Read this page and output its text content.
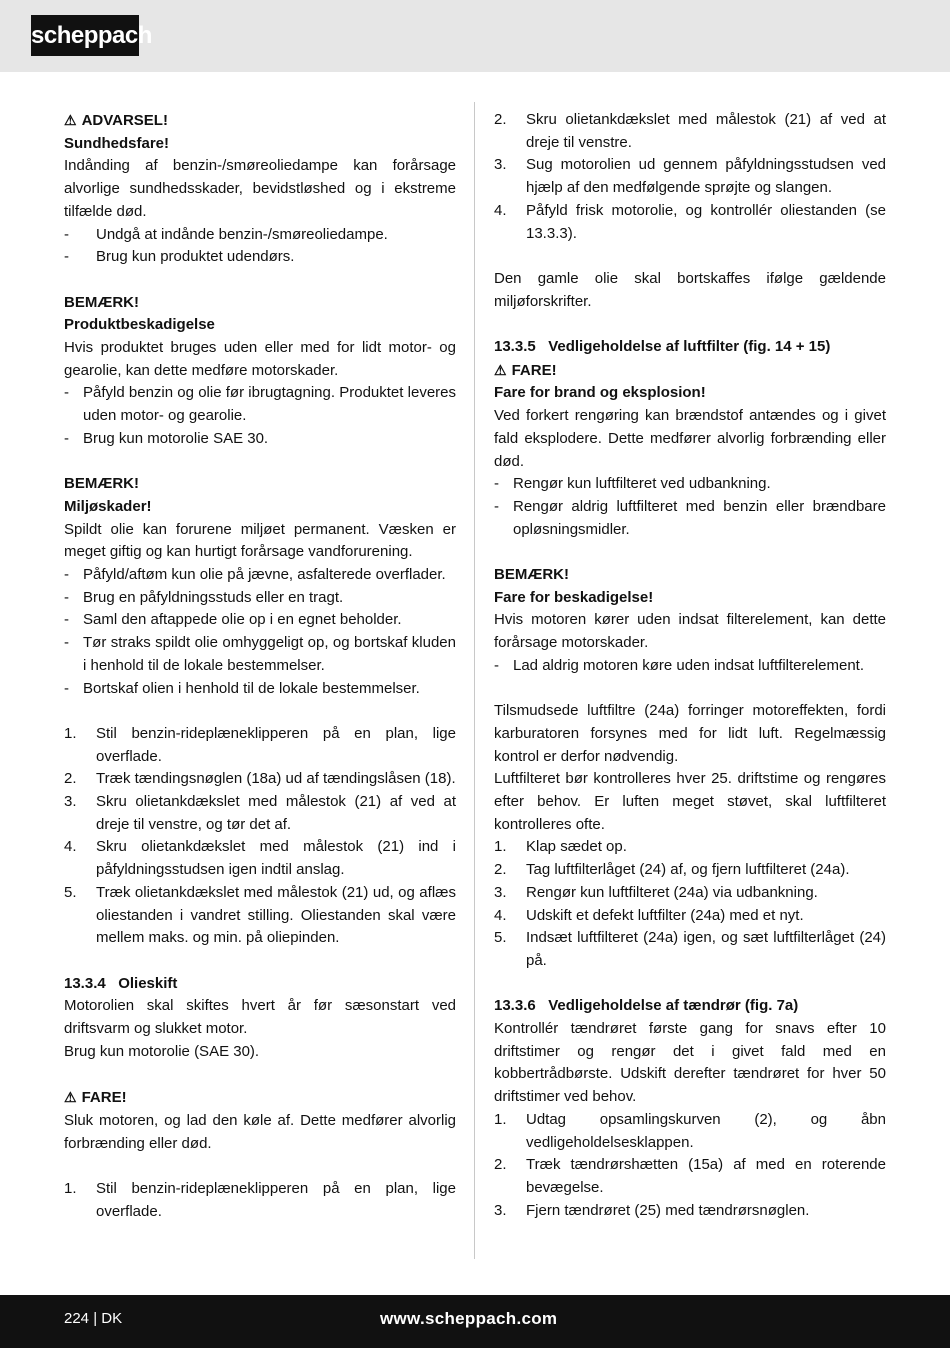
scheppach

⚠ ADVARSEL!

Sundhedsfare!

Indånding af benzin-/smøreoliedampe kan forårsage alvorlige sundhedsskader, bevidstløshed og i ekstreme tilfælde død.

-	Undgå at indånde benzin-/smøreoliedampe.
-	Brug kun produktet udendørs.

BEMÆRK!

Produktbeskadigelse

Hvis produktet bruges uden eller med for lidt motor- og gearolie, kan dette medføre motorskader.

- Påfyld benzin og olie før ibrugtagning. Produktet leveres uden motor- og gearolie.
- Brug kun motorolie SAE 30.

BEMÆRK!

Miljøskader!

Spildt olie kan forurene miljøet permanent. Væsken er meget giftig og kan hurtigt forårsage vandforurening.

- Påfyld/aftøm kun olie på jævne, asfalterede overflader.
- Brug en påfyldningsstuds eller en tragt.
- Saml den aftappede olie op i en egnet beholder.
- Tør straks spildt olie omhyggeligt op, og bortskaf kluden i henhold til de lokale bestemmelser.
- Bortskaf olien i henhold til de lokale bestemmelser.
1.	Stil benzin-rideplæneklipperen på en plan, lige overflade.
2.	Træk tændingsnøglen (18a) ud af tændingslåsen (18).
3.	Skru olietankdækslet med målestok (21) af ved at dreje til venstre, og tør det af.
4.	Skru olietankdækslet med målestok (21) ind i påfyldningsstudsen igen indtil anslag.
5.	Træk olietankdækslet med målestok (21) ud, og aflæs oliestanden i vandret stilling. Oliestanden skal være mellem maks. og min. på oliepinden.

13.3.4   Olieskift

Motorolien skal skiftes hvert år før sæsonstart ved driftsvarm og slukket motor.

Brug kun motorolie (SAE 30).

⚠ FARE!

Sluk motoren, og lad den køle af. Dette medfører alvorlig forbrænding eller død.

1.	Stil benzin-rideplæneklipperen på en plan, lige overflade.
2.	Skru olietankdækslet med målestok (21) af ved at dreje til venstre.
3.	Sug motorolien ud gennem påfyldningsstudsen ved hjælp af den medfølgende sprøjte og slangen.
4.	Påfyld frisk motorolie, og kontrollér oliestanden (se 13.3.3).

Den gamle olie skal bortskaffes ifølge gældende miljøforskrifter.

13.3.5   Vedligeholdelse af luftfilter (fig. 14 + 15)

⚠ FARE!

Fare for brand og eksplosion!

Ved forkert rengøring kan brændstof antændes og i givet fald eksplodere. Dette medfører alvorlig forbrænding eller død.

- Rengør kun luftfilteret ved udbankning.
- Rengør aldrig luftfilteret med benzin eller brændbare opløsningsmidler.

BEMÆRK!

Fare for beskadigelse!

Hvis motoren kører uden indsat filterelement, kan dette forårsage motorskader.

- Lad aldrig motoren køre uden indsat luftfilterelement.

Tilsmudsede luftfiltre (24a) forringer motoreffekten, fordi karburatoren forsynes med for lidt luft. Regelmæssig kontrol er derfor nødvendig.

Luftfilteret bør kontrolleres hver 25. driftstime og rengøres efter behov. Er luften meget støvet, skal luftfilteret kontrolleres ofte.

1.	Klap sædet op.
2.	Tag luftfilterlåget (24) af, og fjern luftfilteret (24a).
3.	Rengør kun luftfilteret (24a) via udbankning.
4.	Udskift et defekt luftfilter (24a) med et nyt.
5.	Indsæt luftfilteret (24a) igen, og sæt luftfilterlåget (24) på.

13.3.6   Vedligeholdelse af tændrør (fig. 7a)

Kontrollér tændrøret første gang for snavs efter 10 driftstimer og rengør det i givet fald med en kobbertrådbørste. Udskift derefter tændrøret for hver 50 driftstimer ved behov.

1.	Udtag opsamlingskurven (2), og åbn vedligeholdelsesklappen.
2.	Træk tændrørshætten (15a) af med en roterende bevægelse.
3.	Fjern tændrøret (25) med tændrørsnøglen.
224 | DK	www.scheppach.com
